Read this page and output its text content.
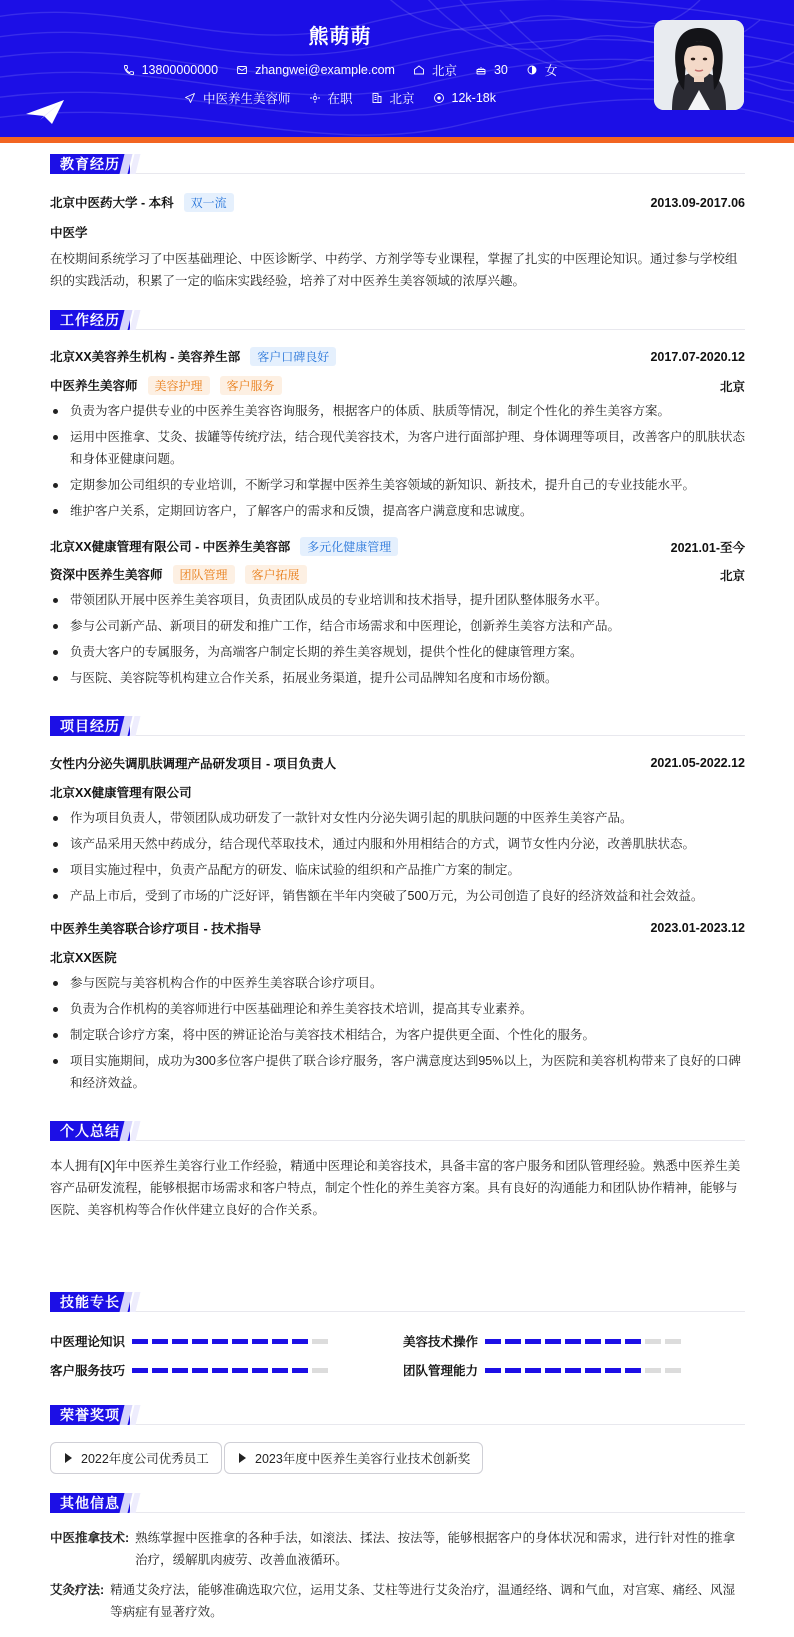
熊萌萌
13800000000	zhangwei@example.com	北京	30	女
中医养生美容师	在职	北京	12k-18k
教育经历
北京中医药大学 - 本科 双一流	2013.09-2017.06
中医学
在校期间系统学习了中医基础理论、中医诊断学、中药学、方剂学等专业课程，掌握了扎实的中医理论知识。通过参与学校组织的实践活动，积累了一定的临床实践经验，培养了对中医养生美容领域的浓厚兴趣。
工作经历
北京XX美容养生机构 - 美容养生部 客户口碑良好	2017.07-2020.12
中医养生美容师 美容护理 客户服务	北京
负责为客户提供专业的中医养生美容咨询服务，根据客户的体质、肤质等情况，制定个性化的养生美容方案。
运用中医推拿、艾灸、拔罐等传统疗法，结合现代美容技术，为客户进行面部护理、身体调理等项目，改善客户的肌肤状态和身体亚健康问题。
定期参加公司组织的专业培训，不断学习和掌握中医养生美容领域的新知识、新技术，提升自己的专业技能水平。
维护客户关系，定期回访客户，了解客户的需求和反馈，提高客户满意度和忠诚度。
北京XX健康管理有限公司 - 中医养生美容部 多元化健康管理	2021.01-至今
资深中医养生美容师 团队管理 客户拓展	北京
带领团队开展中医养生美容项目，负责团队成员的专业培训和技术指导，提升团队整体服务水平。
参与公司新产品、新项目的研发和推广工作，结合市场需求和中医理论，创新养生美容方法和产品。
负责大客户的专属服务，为高端客户制定长期的养生美容规划，提供个性化的健康管理方案。
与医院、美容院等机构建立合作关系，拓展业务渠道，提升公司品牌知名度和市场份额。
项目经历
女性内分泌失调肌肤调理产品研发项目 - 项目负责人	2021.05-2022.12
北京XX健康管理有限公司
作为项目负责人，带领团队成功研发了一款针对女性内分泌失调引起的肌肤问题的中医养生美容产品。
该产品采用天然中药成分，结合现代萃取技术，通过内服和外用相结合的方式，调节女性内分泌，改善肌肤状态。
项目实施过程中，负责产品配方的研发、临床试验的组织和产品推广方案的制定。
产品上市后，受到了市场的广泛好评，销售额在半年内突破了500万元，为公司创造了良好的经济效益和社会效益。
中医养生美容联合诊疗项目 - 技术指导	2023.01-2023.12
北京XX医院
参与医院与美容机构合作的中医养生美容联合诊疗项目。
负责为合作机构的美容师进行中医基础理论和养生美容技术培训，提高其专业素养。
制定联合诊疗方案，将中医的辨证论治与美容技术相结合，为客户提供更全面、个性化的服务。
项目实施期间，成功为300多位客户提供了联合诊疗服务，客户满意度达到95%以上，为医院和美容机构带来了良好的口碑和经济效益。
个人总结
本人拥有[X]年中医养生美容行业工作经验，精通中医理论和美容技术，具备丰富的客户服务和团队管理经验。熟悉中医养生美容产品研发流程，能够根据市场需求和客户特点，制定个性化的养生美容方案。具有良好的沟通能力和团队协作精神，能够与医院、美容机构等合作伙伴建立良好的合作关系。
技能专长
中医理论知识	美容技术操作
客户服务技巧	团队管理能力
荣誉奖项
2022年度公司优秀员工	2023年度中医养生美容行业技术创新奖
其他信息
中医推拿技术: 熟练掌握中医推拿的各种手法，如滚法、揉法、按法等，能够根据客户的身体状况和需求，进行针对性的推拿治疗，缓解肌肉疲劳、改善血液循环。
艾灸疗法: 精通艾灸疗法，能够准确选取穴位，运用艾条、艾柱等进行艾灸治疗，温通经络、调和气血，对宫寒、痛经、风湿等病症有显著疗效。
